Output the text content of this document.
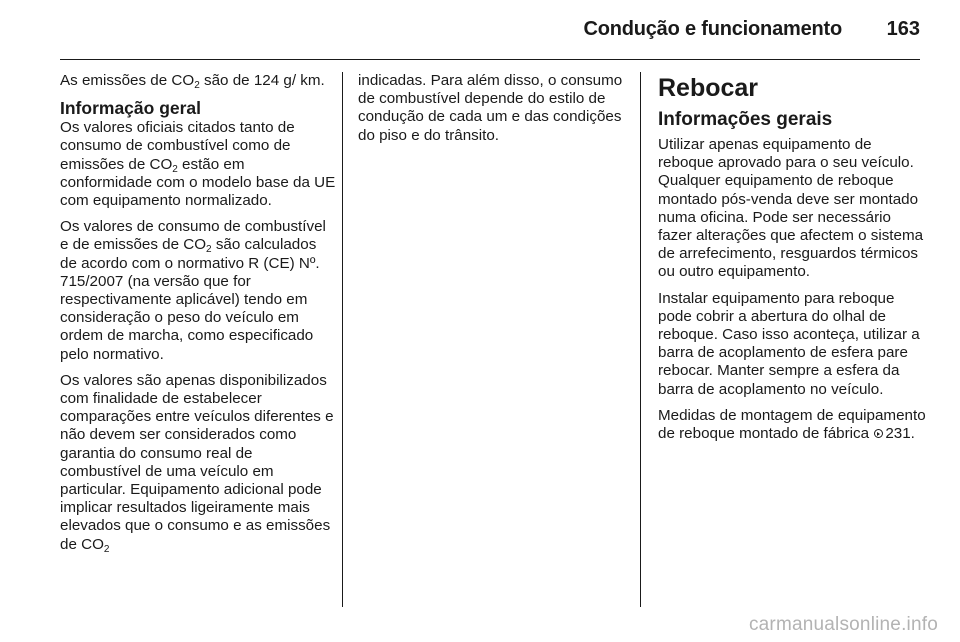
Condução e funcionamento 163

As emissões de $CO_2$ são de 124 g/ km.

Informação geral

Os valores oficiais citados tanto de consumo de combustível como de emissões de $CO_2$ estão em conformidade com o modelo base da UE com equipamento normalizado.

Os valores de consumo de combustível e de emissões de $CO_2$ são calculados de acordo com o normativo R (CE) Nº. 715/2007 (na versão que for respectivamente aplicável) tendo em consideração o peso do veículo em ordem de marcha, como especificado pelo normativo.

Os valores são apenas disponibilizados com finalidade de estabelecer comparações entre veículos diferentes e não devem ser considerados como garantia do consumo real de combustível de uma veículo em particular. Equipamento adicional pode implicar resultados ligeiramente mais elevados que o consumo e as emissões de $CO_2$

indicadas. Para além disso, o consumo de combustível depende do estilo de condução de cada um e das condições do piso e do trânsito.

Rebocar
Informações gerais

Utilizar apenas equipamento de reboque aprovado para o seu veículo. Qualquer equipamento de reboque montado pós-venda deve ser montado numa oficina. Pode ser necessário fazer alterações que afectem o sistema de arrefecimento, resguardos térmicos ou outro equipamento.

Instalar equipamento para reboque pode cobrir a abertura do olhal de reboque. Caso isso aconteça, utilizar a barra de acoplamento de esfera pare rebocar. Manter sempre a esfera da barra de acoplamento no veículo.

Medidas de montagem de equipamento de reboque montado de fábrica 231.

carmanualsonline.info
